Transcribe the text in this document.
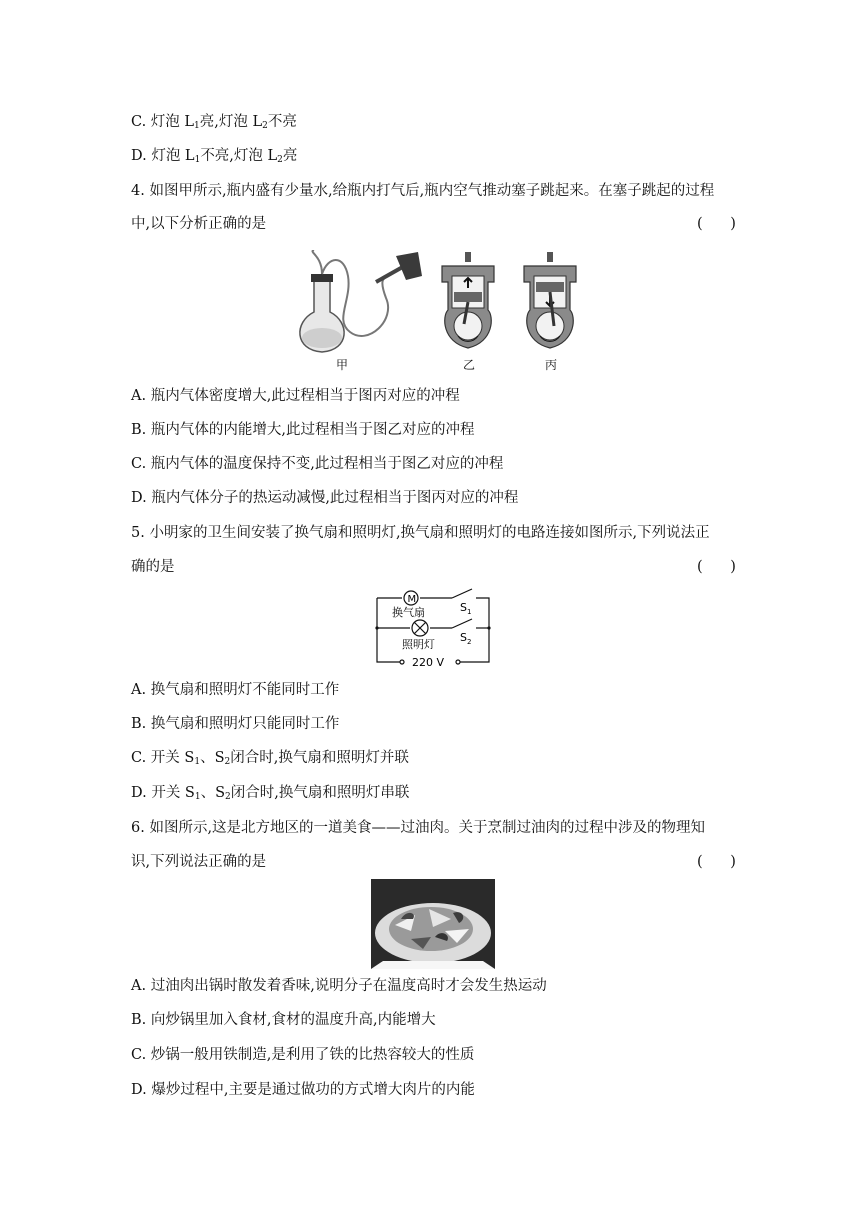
C. 灯泡 $L_1$亮,灯泡 $L_2$不亮
D. 灯泡 $L_1$不亮,灯泡 $L_2$亮
4. 如图甲所示,瓶内盛有少量水,给瓶内打气后,瓶内空气推动塞子跳起来。在塞子跳起的过程
中,以下分析正确的是	(      )
甲	乙	丙
A. 瓶内气体密度增大,此过程相当于图丙对应的冲程
B. 瓶内气体的内能增大,此过程相当于图乙对应的冲程
C. 瓶内气体的温度保持不变,此过程相当于图乙对应的冲程
D. 瓶内气体分子的热运动减慢,此过程相当于图丙对应的冲程
5. 小明家的卫生间安装了换气扇和照明灯,换气扇和照明灯的电路连接如图所示,下列说法正
确的是	(      )
M
换气扇
照明灯
$S_1$
$S_2$
220 V
A. 换气扇和照明灯不能同时工作
B. 换气扇和照明灯只能同时工作
C. 开关 $S_1$、$S_2$闭合时,换气扇和照明灯并联
D. 开关 $S_1$、$S_2$闭合时,换气扇和照明灯串联
6. 如图所示,这是北方地区的一道美食——过油肉。关于烹制过油肉的过程中涉及的物理知
识,下列说法正确的是	(      )
A. 过油肉出锅时散发着香味,说明分子在温度高时才会发生热运动
B. 向炒锅里加入食材,食材的温度升高,内能增大
C. 炒锅一般用铁制造,是利用了铁的比热容较大的性质
D. 爆炒过程中,主要是通过做功的方式增大肉片的内能
